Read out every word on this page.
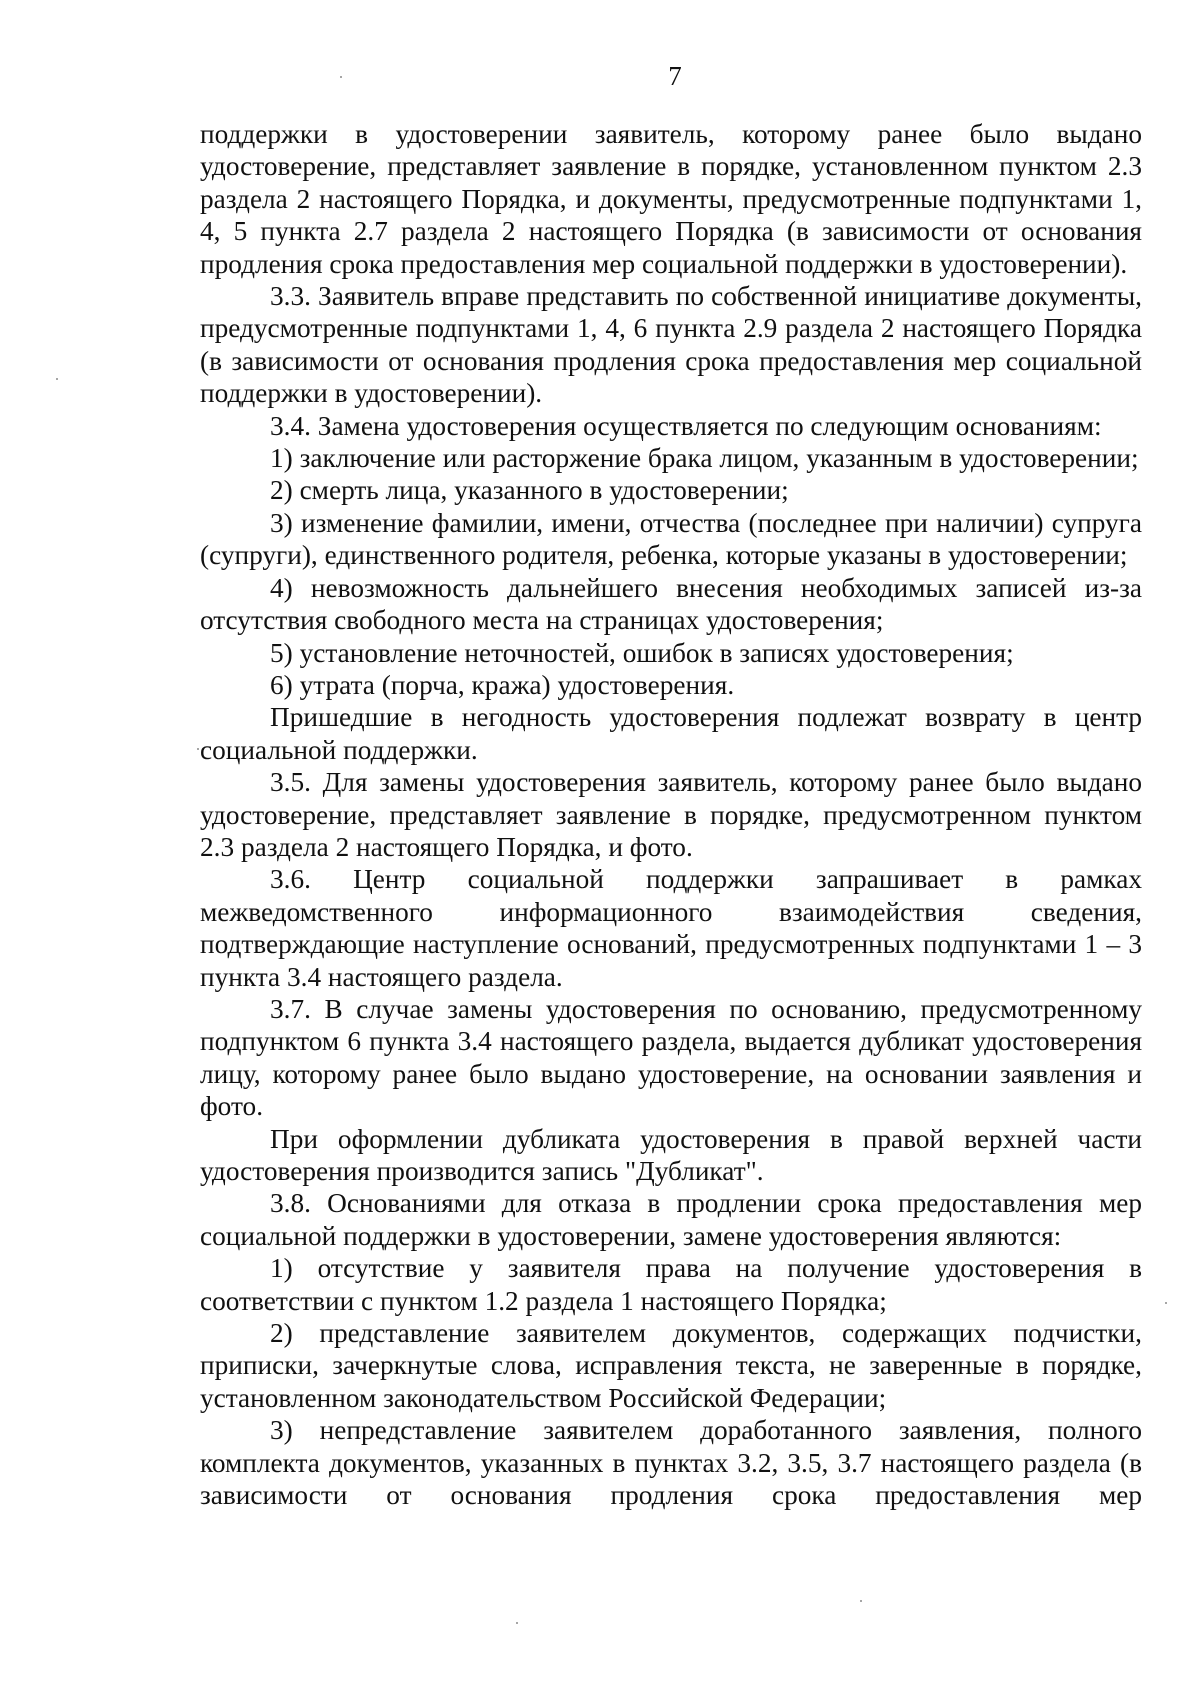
7

поддержки в удостоверении заявитель, которому ранее было выдано удостоверение, представляет заявление в порядке, установленном пунктом 2.3 раздела 2 настоящего Порядка, и документы, предусмотренные подпунктами 1, 4, 5 пункта 2.7 раздела 2 настоящего Порядка (в зависимости от основания продления срока предоставления мер социальной поддержки в удостоверении).

3.3. Заявитель вправе представить по собственной инициативе документы, предусмотренные подпунктами 1, 4, 6 пункта 2.9 раздела 2 настоящего Порядка (в зависимости от основания продления срока предоставления мер социальной поддержки в удостоверении).

3.4. Замена удостоверения осуществляется по следующим основаниям:

1) заключение или расторжение брака лицом, указанным в удостоверении;

2) смерть лица, указанного в удостоверении;

3) изменение фамилии, имени, отчества (последнее при наличии) супруга (супруги), единственного родителя, ребенка, которые указаны в удостоверении;

4) невозможность дальнейшего внесения необходимых записей из-за отсутствия свободного места на страницах удостоверения;

5) установление неточностей, ошибок в записях удостоверения;

6) утрата (порча, кража) удостоверения.

Пришедшие в негодность удостоверения подлежат возврату в центр социальной поддержки.

3.5. Для замены удостоверения заявитель, которому ранее было выдано удостоверение, представляет заявление в порядке, предусмотренном пунктом 2.3 раздела 2 настоящего Порядка, и фото.

3.6. Центр социальной поддержки запрашивает в рамках межведомственного информационного взаимодействия сведения, подтверждающие наступление оснований, предусмотренных подпунктами 1 – 3 пункта 3.4 настоящего раздела.

3.7. В случае замены удостоверения по основанию, предусмотренному подпунктом 6 пункта 3.4 настоящего раздела, выдается дубликат удостоверения лицу, которому ранее было выдано удостоверение, на основании заявления и фото.

При оформлении дубликата удостоверения в правой верхней части удостоверения производится запись "Дубликат".

3.8. Основаниями для отказа в продлении срока предоставления мер социальной поддержки в удостоверении, замене удостоверения являются:

1) отсутствие у заявителя права на получение удостоверения в соответствии с пунктом 1.2 раздела 1 настоящего Порядка;

2) представление заявителем документов, содержащих подчистки, приписки, зачеркнутые слова, исправления текста, не заверенные в порядке, установленном законодательством Российской Федерации;

3) непредставление заявителем доработанного заявления, полного комплекта документов, указанных в пунктах 3.2, 3.5, 3.7 настоящего раздела (в зависимости от основания продления срока предоставления мер
